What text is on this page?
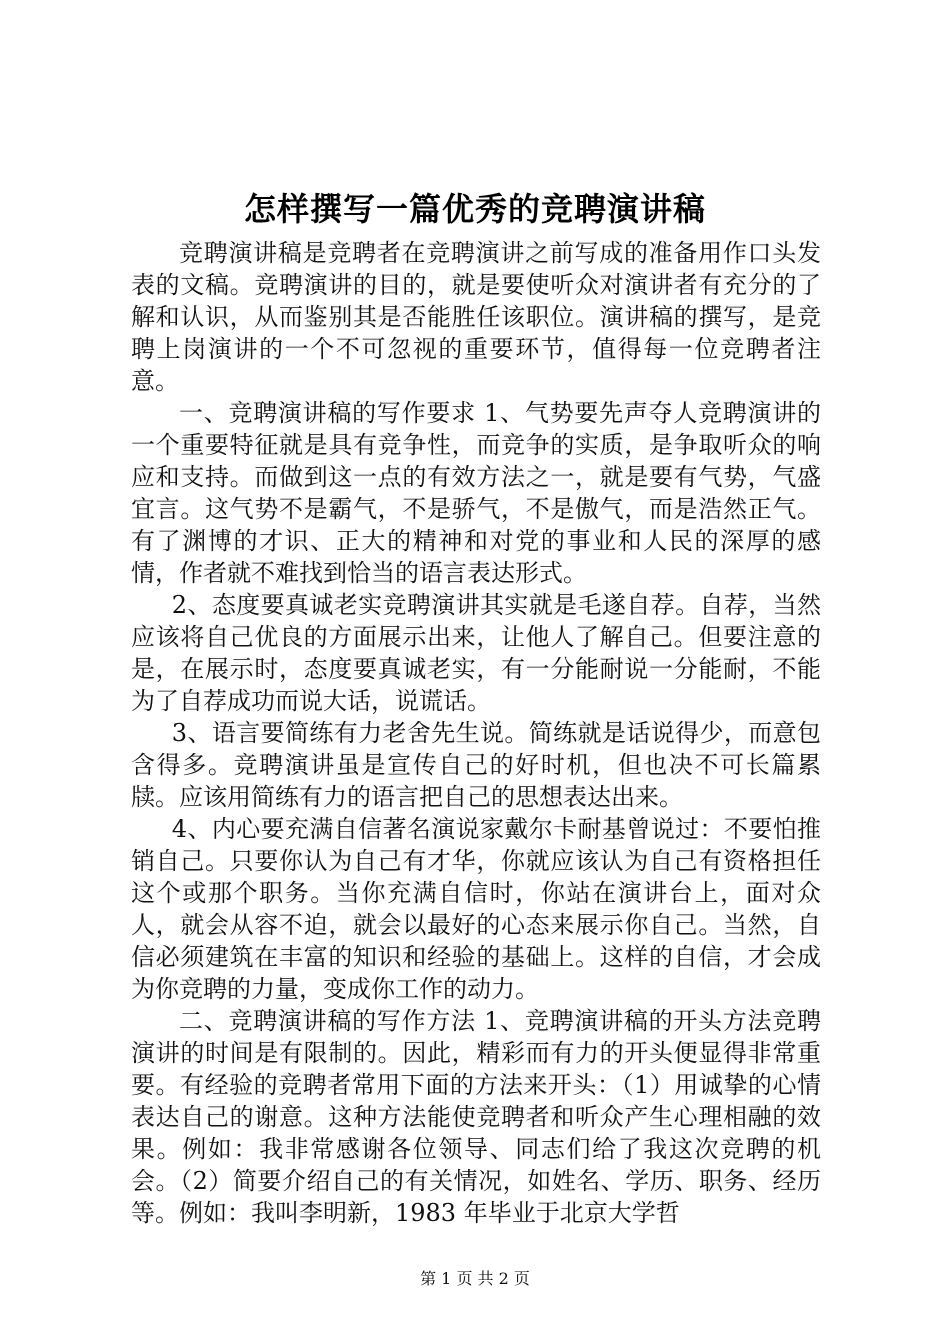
怎样撰写一篇优秀的竞聘演讲稿

竞聘演讲稿是竞聘者在竞聘演讲之前写成的准备用作口头发表的文稿。竞聘演讲的目的，就是要使听众对演讲者有充分的了解和认识，从而鉴别其是否能胜任该职位。演讲稿的撰写，是竞聘上岗演讲的一个不可忽视的重要环节，值得每一位竞聘者注意。

一、竞聘演讲稿的写作要求 1、气势要先声夺人竞聘演讲的一个重要特征就是具有竞争性，而竞争的实质，是争取听众的响应和支持。而做到这一点的有效方法之一，就是要有气势，气盛宜言。这气势不是霸气，不是骄气，不是傲气，而是浩然正气。有了渊博的才识、正大的精神和对党的事业和人民的深厚的感情，作者就不难找到恰当的语言表达形式。

2、态度要真诚老实竞聘演讲其实就是毛遂自荐。自荐，当然应该将自己优良的方面展示出来，让他人了解自己。但要注意的是，在展示时，态度要真诚老实，有一分能耐说一分能耐，不能为了自荐成功而说大话，说谎话。

3、语言要简练有力老舍先生说。简练就是话说得少，而意包含得多。竞聘演讲虽是宣传自己的好时机，但也决不可长篇累牍。应该用简练有力的语言把自己的思想表达出来。

4、内心要充满自信著名演说家戴尔卡耐基曾说过：不要怕推销自己。只要你认为自己有才华，你就应该认为自己有资格担任这个或那个职务。当你充满自信时，你站在演讲台上，面对众人，就会从容不迫，就会以最好的心态来展示你自己。当然，自信必须建筑在丰富的知识和经验的基础上。这样的自信，才会成为你竞聘的力量，变成你工作的动力。

二、竞聘演讲稿的写作方法 1、竞聘演讲稿的开头方法竞聘演讲的时间是有限制的。因此，精彩而有力的开头便显得非常重要。有经验的竞聘者常用下面的方法来开头：（1）用诚挚的心情表达自己的谢意。这种方法能使竞聘者和听众产生心理相融的效果。例如：我非常感谢各位领导、同志们给了我这次竞聘的机会。（2）简要介绍自己的有关情况，如姓名、学历、职务、经历等。例如：我叫李明新，1983 年毕业于北京大学哲

第 1 页 共 2 页
